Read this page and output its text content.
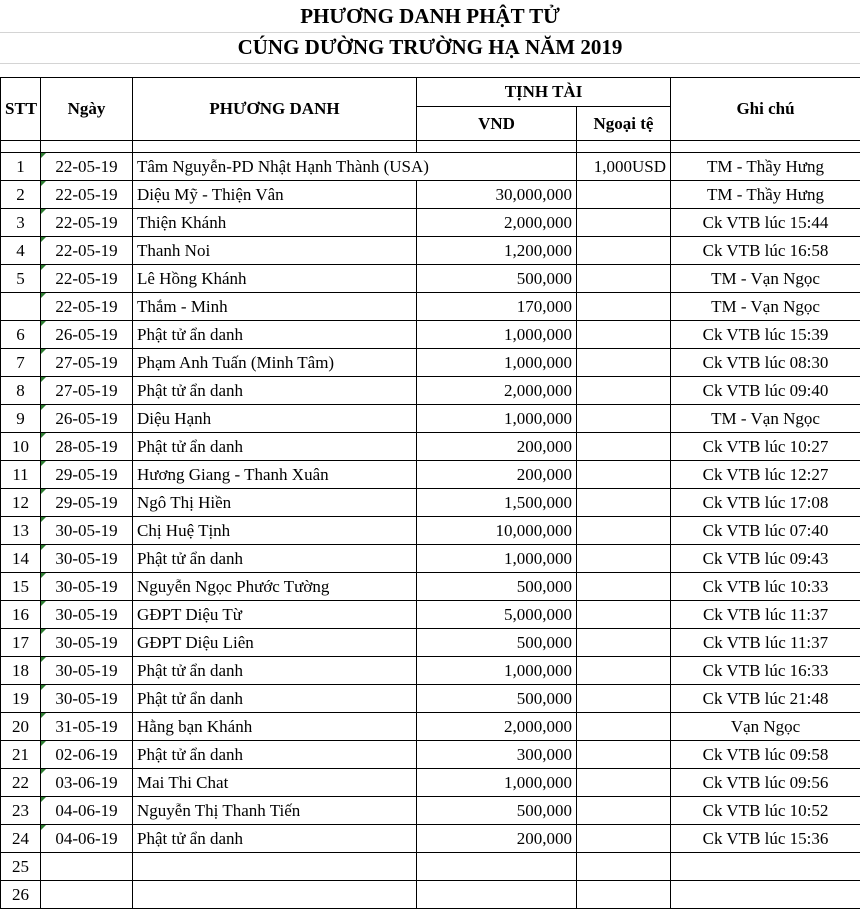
PHƯƠNG DANH PHẬT TỬ
CÚNG DƯỜNG TRƯỜNG HẠ NĂM 2019
STT	Ngày	PHƯƠNG DANH	TỊNH TÀI		Ghi chú
			VND	Ngoại tệ	

1	22-05-19	Tâm Nguyễn-PD Nhật Hạnh Thành (USA)		1,000USD	TM - Thầy Hưng
2	22-05-19	Diệu Mỹ - Thiện Vân	30,000,000		TM - Thầy Hưng
3	22-05-19	Thiện Khánh	2,000,000		Ck VTB lúc 15:44
4	22-05-19	Thanh Noi	1,200,000		Ck VTB lúc 16:58
5	22-05-19	Lê Hồng Khánh	500,000		TM - Vạn Ngọc
	22-05-19	Thắm - Minh	170,000		TM - Vạn Ngọc
6	26-05-19	Phật tử ẩn danh	1,000,000		Ck VTB lúc 15:39
7	27-05-19	Phạm Anh Tuấn (Minh Tâm)	1,000,000		Ck VTB lúc 08:30
8	27-05-19	Phật tử ẩn danh	2,000,000		Ck VTB lúc 09:40
9	26-05-19	Diệu Hạnh	1,000,000		TM - Vạn Ngọc
10	28-05-19	Phật tử ẩn danh	200,000		Ck VTB lúc 10:27
11	29-05-19	Hương Giang - Thanh Xuân	200,000		Ck VTB lúc 12:27
12	29-05-19	Ngô Thị Hiền	1,500,000		Ck VTB lúc 17:08
13	30-05-19	Chị Huệ Tịnh	10,000,000		Ck VTB lúc 07:40
14	30-05-19	Phật tử ẩn danh	1,000,000		Ck VTB lúc 09:43
15	30-05-19	Nguyễn Ngọc Phước Tường	500,000		Ck VTB lúc 10:33
16	30-05-19	GĐPT Diệu Từ	5,000,000		Ck VTB lúc 11:37
17	30-05-19	GĐPT Diệu Liên	500,000		Ck VTB lúc 11:37
18	30-05-19	Phật tử ẩn danh	1,000,000		Ck VTB lúc 16:33
19	30-05-19	Phật tử ẩn danh	500,000		Ck VTB lúc 21:48
20	31-05-19	Hằng bạn Khánh	2,000,000		Vạn Ngọc
21	02-06-19	Phật tử ẩn danh	300,000		Ck VTB lúc 09:58
22	03-06-19	Mai Thi Chat	1,000,000		Ck VTB lúc 09:56
23	04-06-19	Nguyễn Thị Thanh Tiến	500,000		Ck VTB lúc 10:52
24	04-06-19	Phật tử ẩn danh	200,000		Ck VTB lúc 15:36
25					
26					
